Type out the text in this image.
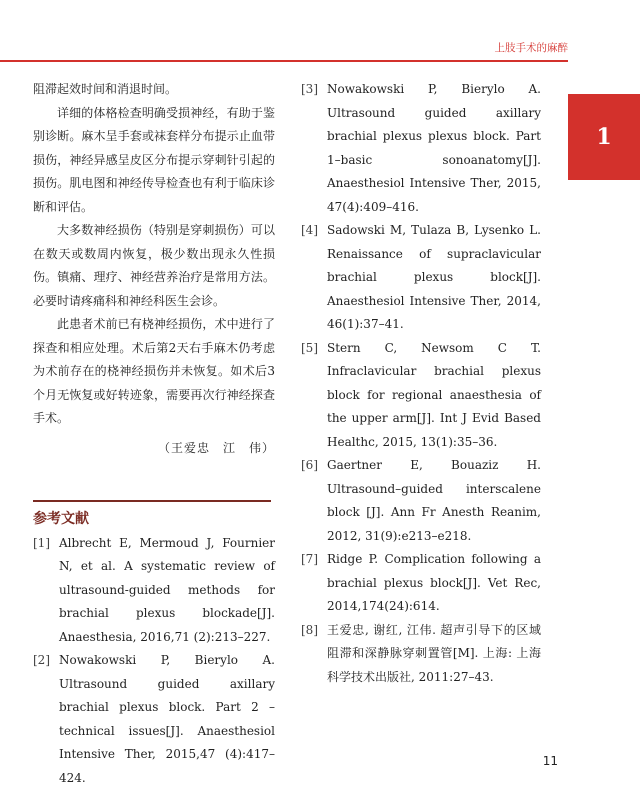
上肢手术的麻醉
1

阻滞起效时间和消退时间。

详细的体格检查明确受损神经，有助于鉴别诊断。麻木呈手套或袜套样分布提示止血带损伤，神经异感呈皮区分布提示穿刺针引起的损伤。肌电图和神经传导检查也有利于临床诊断和评估。

大多数神经损伤（特别是穿刺损伤）可以在数天或数周内恢复，极少数出现永久性损伤。镇痛、理疗、神经营养治疗是常用方法。必要时请疼痛科和神经科医生会诊。

此患者术前已有桡神经损伤，术中进行了探查和相应处理。术后第2天右手麻木仍考虑为术前存在的桡神经损伤并未恢复。如术后3个月无恢复或好转迹象，需要再次行神经探查手术。

（王爱忠　江　伟）

参考文献
[1] Albrecht E, Mermoud J, Fournier N, et al. A systematic review of ultrasound-guided methods for brachial plexus blockade[J]. Anaesthesia, 2016,71 (2):213–227.
[2] Nowakowski P, Bierylo A. Ultrasound guided axillary brachial plexus block. Part 2 – technical issues[J]. Anaesthesiol Intensive Ther, 2015,47 (4):417–424.
[3] Nowakowski P, Bierylo A. Ultrasound guided axillary brachial plexus plexus block. Part 1–basic sonoanatomy[J]. Anaesthesiol Intensive Ther, 2015, 47(4):409–416.
[4] Sadowski M, Tulaza B, Lysenko L. Renaissance of supraclavicular brachial plexus block[J]. Anaesthesiol Intensive Ther, 2014, 46(1):37–41.
[5] Stern C, Newsom C T. Infraclavicular brachial plexus block for regional anaesthesia of the upper arm[J]. Int J Evid Based Healthc, 2015, 13(1):35–36.
[6] Gaertner E, Bouaziz H. Ultrasound–guided interscalene block [J]. Ann Fr Anesth Reanim, 2012, 31(9):e213–e218.
[7] Ridge P. Complication following a brachial plexus block[J]. Vet Rec, 2014,174(24):614.
[8] 王爱忠, 谢红, 江伟. 超声引导下的区域阻滞和深静脉穿刺置管[M]. 上海: 上海科学技术出版社, 2011:27–43.
11
